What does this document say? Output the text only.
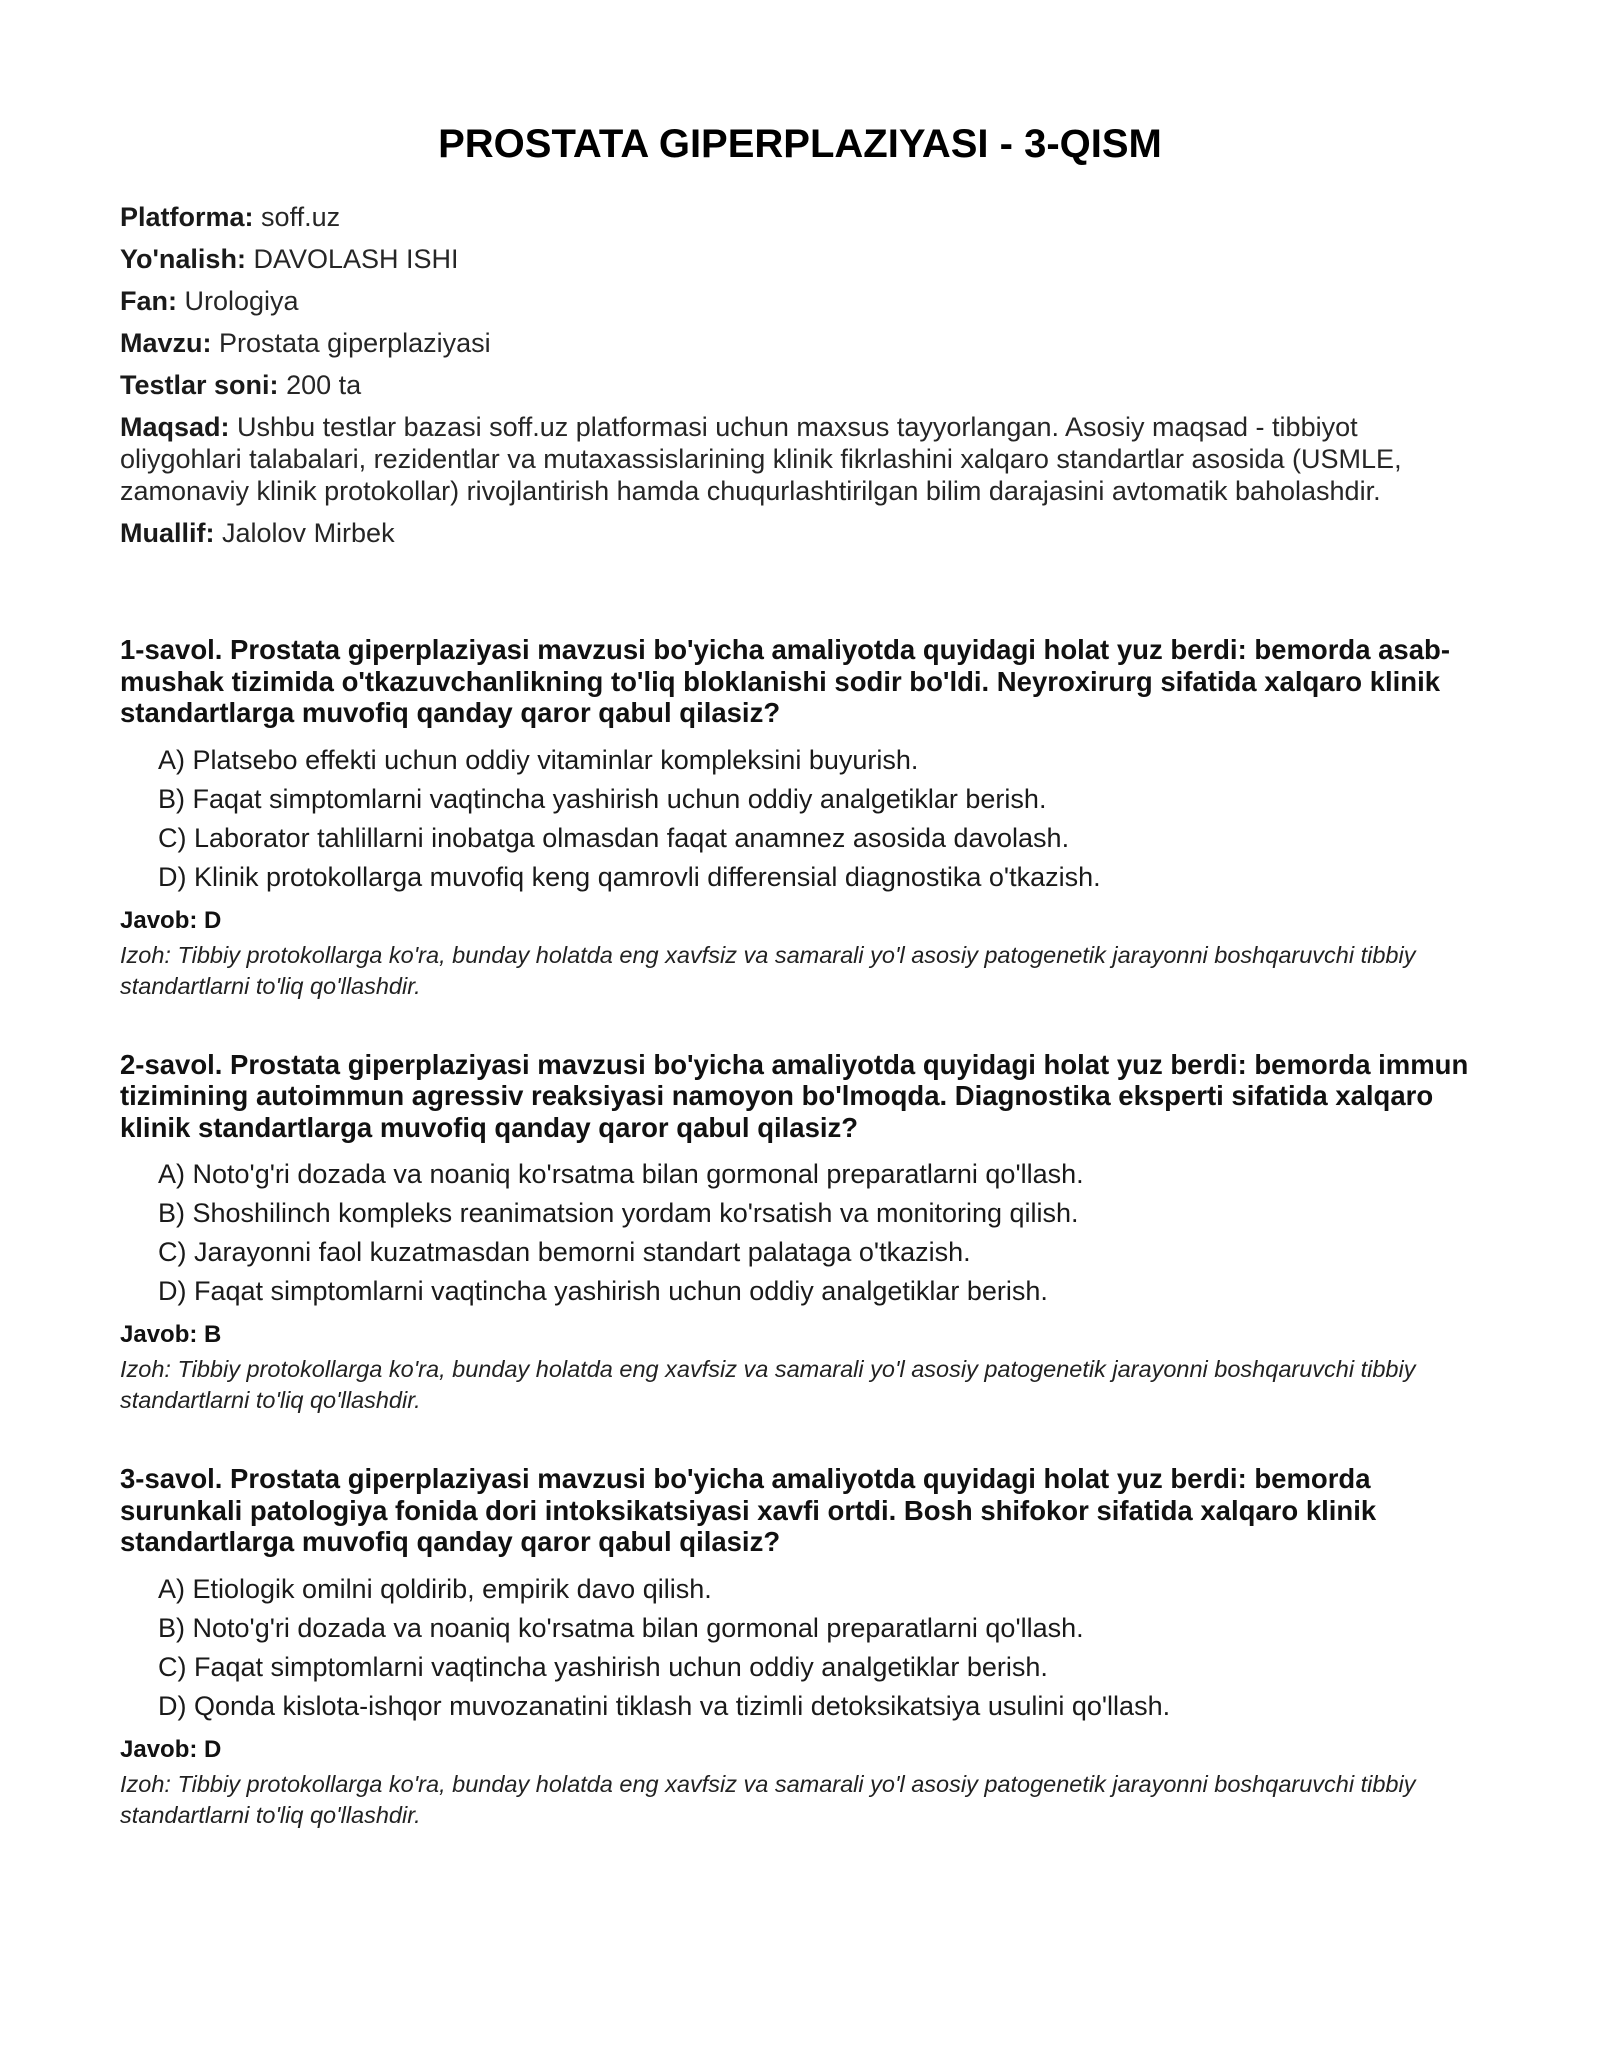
PROSTATA GIPERPLAZIYASI - 3-QISM

Platforma: soff.uz

Yo'nalish: DAVOLASH ISHI

Fan: Urologiya

Mavzu: Prostata giperplaziyasi

Testlar soni: 200 ta

Maqsad: Ushbu testlar bazasi soff.uz platformasi uchun maxsus tayyorlangan. Asosiy maqsad - tibbiyot oliygohlari talabalari, rezidentlar va mutaxassislarining klinik fikrlashini xalqaro standartlar asosida (USMLE, zamonaviy klinik protokollar) rivojlantirish hamda chuqurlashtirilgan bilim darajasini avtomatik baholashdir.

Muallif: Jalolov Mirbek

1-savol. Prostata giperplaziyasi mavzusi bo'yicha amaliyotda quyidagi holat yuz berdi: bemorda asab-mushak tizimida o'tkazuvchanlikning to'liq bloklanishi sodir bo'ldi. Neyroxirurg sifatida xalqaro klinik standartlarga muvofiq qanday qaror qabul qilasiz?

A) Platsebo effekti uchun oddiy vitaminlar kompleksini buyurish.
B) Faqat simptomlarni vaqtincha yashirish uchun oddiy analgetiklar berish.
C) Laborator tahlillarni inobatga olmasdan faqat anamnez asosida davolash.
D) Klinik protokollarga muvofiq keng qamrovli differensial diagnostika o'tkazish.
Javob: D
Izoh: Tibbiy protokollarga ko'ra, bunday holatda eng xavfsiz va samarali yo'l asosiy patogenetik jarayonni boshqaruvchi tibbiy standartlarni to'liq qo'llashdir.

2-savol. Prostata giperplaziyasi mavzusi bo'yicha amaliyotda quyidagi holat yuz berdi: bemorda immun tizimining autoimmun agressiv reaksiyasi namoyon bo'lmoqda. Diagnostika eksperti sifatida xalqaro klinik standartlarga muvofiq qanday qaror qabul qilasiz?

A) Noto'g'ri dozada va noaniq ko'rsatma bilan gormonal preparatlarni qo'llash.
B) Shoshilinch kompleks reanimatsion yordam ko'rsatish va monitoring qilish.
C) Jarayonni faol kuzatmasdan bemorni standart palataga o'tkazish.
D) Faqat simptomlarni vaqtincha yashirish uchun oddiy analgetiklar berish.
Javob: B
Izoh: Tibbiy protokollarga ko'ra, bunday holatda eng xavfsiz va samarali yo'l asosiy patogenetik jarayonni boshqaruvchi tibbiy standartlarni to'liq qo'llashdir.

3-savol. Prostata giperplaziyasi mavzusi bo'yicha amaliyotda quyidagi holat yuz berdi: bemorda surunkali patologiya fonida dori intoksikatsiyasi xavfi ortdi. Bosh shifokor sifatida xalqaro klinik standartlarga muvofiq qanday qaror qabul qilasiz?

A) Etiologik omilni qoldirib, empirik davo qilish.
B) Noto'g'ri dozada va noaniq ko'rsatma bilan gormonal preparatlarni qo'llash.
C) Faqat simptomlarni vaqtincha yashirish uchun oddiy analgetiklar berish.
D) Qonda kislota-ishqor muvozanatini tiklash va tizimli detoksikatsiya usulini qo'llash.
Javob: D
Izoh: Tibbiy protokollarga ko'ra, bunday holatda eng xavfsiz va samarali yo'l asosiy patogenetik jarayonni boshqaruvchi tibbiy standartlarni to'liq qo'llashdir.
